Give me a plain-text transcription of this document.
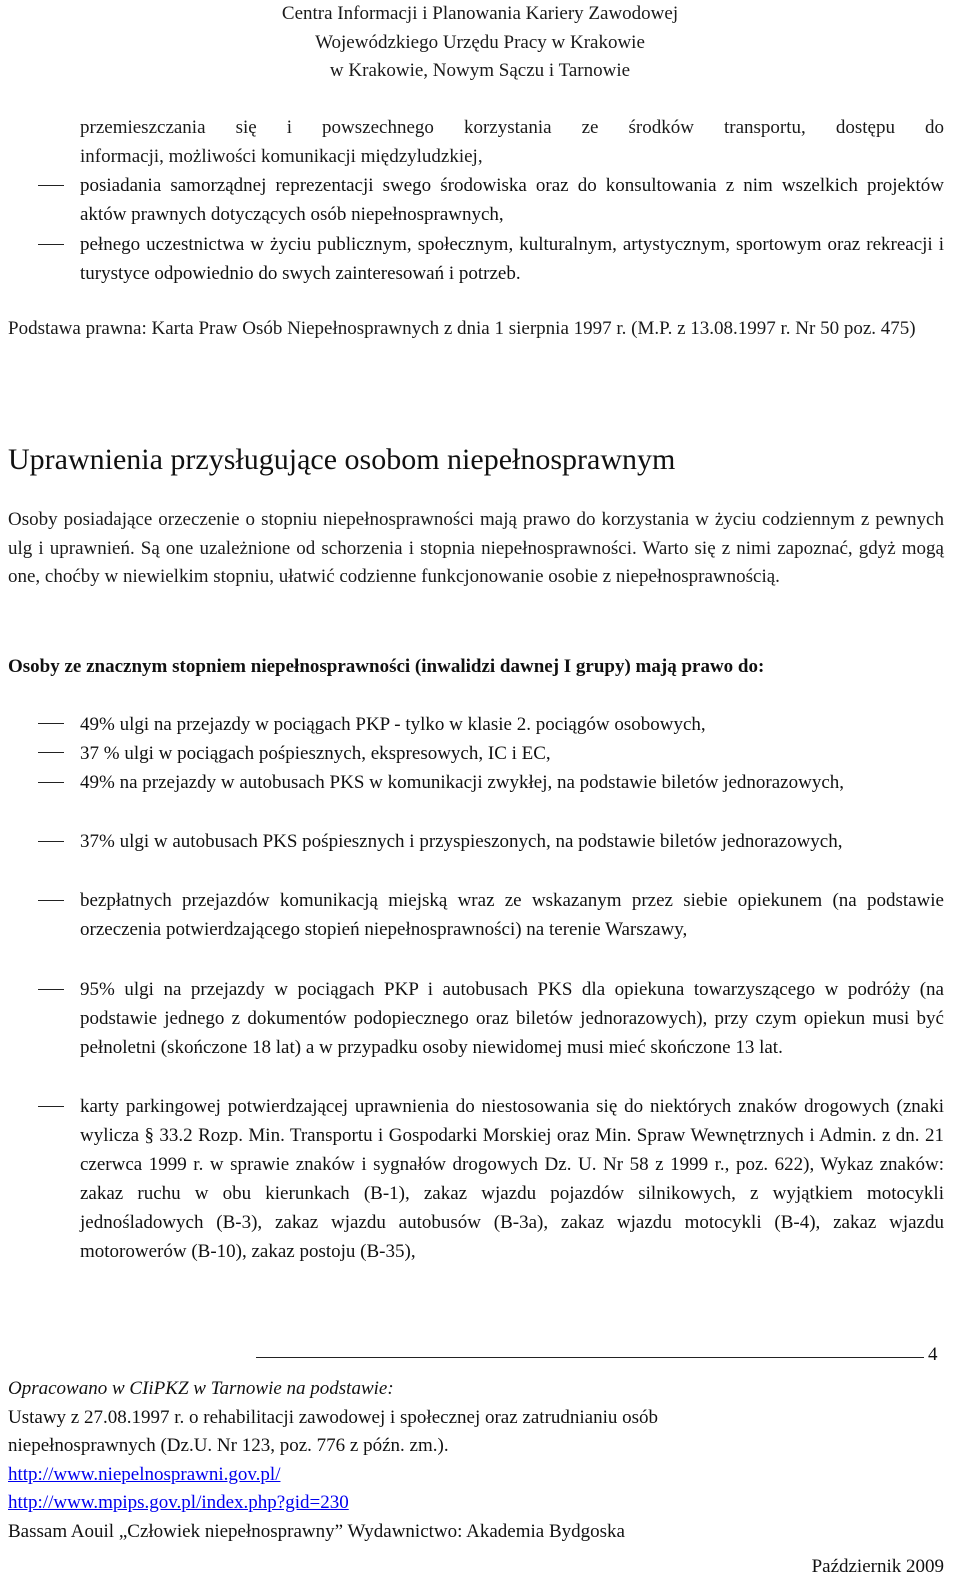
Centra Informacji i Planowania Kariery Zawodowej
Wojewódzkiego Urzędu Pracy w Krakowie
w Krakowie, Nowym Sączu i Tarnowie
przemieszczania się i powszechnego korzystania ze środków transportu, dostępu do
informacji, możliwości komunikacji międzyludzkiej,
posiadania samorządnej reprezentacji swego środowiska oraz do konsultowania z nim wszelkich projektów aktów prawnych dotyczących osób niepełnosprawnych,
pełnego uczestnictwa w życiu publicznym, społecznym, kulturalnym, artystycznym, sportowym oraz rekreacji i turystyce odpowiednio do swych zainteresowań i potrzeb.
Podstawa prawna: Karta Praw Osób Niepełnosprawnych z dnia 1 sierpnia 1997 r. (M.P. z 13.08.1997 r. Nr 50 poz. 475)
Uprawnienia przysługujące osobom niepełnosprawnym
Osoby posiadające orzeczenie o stopniu niepełnosprawności mają prawo do korzystania w życiu codziennym z pewnych ulg i uprawnień. Są one uzależnione od schorzenia i stopnia niepełnosprawności. Warto się z nimi zapoznać, gdyż mogą one, choćby w niewielkim stopniu, ułatwić codzienne funkcjonowanie osobie z niepełnosprawnością.
Osoby ze znacznym stopniem niepełnosprawności (inwalidzi dawnej I grupy) mają prawo do:
49% ulgi na przejazdy w pociągach PKP - tylko w klasie 2. pociągów osobowych,
37 % ulgi w pociągach pośpiesznych, ekspresowych, IC i EC,
49% na przejazdy w autobusach PKS w komunikacji zwykłej, na podstawie biletów jednorazowych,
37% ulgi w autobusach PKS pośpiesznych i przyspieszonych, na podstawie biletów jednorazowych,
bezpłatnych przejazdów komunikacją miejską wraz ze wskazanym przez siebie opiekunem (na podstawie orzeczenia potwierdzającego stopień niepełnosprawności) na terenie Warszawy,
95% ulgi na przejazdy w pociągach PKP i autobusach PKS dla opiekuna towarzyszącego w podróży (na podstawie jednego z dokumentów podopiecznego oraz biletów jednorazowych), przy czym opiekun musi być pełnoletni (skończone 18 lat) a w przypadku osoby niewidomej musi mieć skończone 13 lat.
karty parkingowej potwierdzającej uprawnienia do niestosowania się do niektórych znaków drogowych (znaki wylicza § 33.2 Rozp. Min. Transportu i Gospodarki Morskiej oraz Min. Spraw Wewnętrznych i Admin. z dn. 21 czerwca 1999 r. w sprawie znaków i sygnałów drogowych Dz. U. Nr 58 z 1999 r., poz. 622), Wykaz znaków: zakaz ruchu w obu kierunkach (B-1), zakaz wjazdu pojazdów silnikowych, z wyjątkiem motocykli jednośladowych (B-3), zakaz wjazdu autobusów (B-3a), zakaz wjazdu motocykli (B-4), zakaz wjazdu motorowerów (B-10), zakaz postoju (B-35),
4
Opracowano w CIiPKZ w Tarnowie na podstawie:
Ustawy z 27.08.1997 r. o rehabilitacji zawodowej i społecznej oraz zatrudnianiu osób
niepełnosprawnych (Dz.U. Nr 123, poz. 776 z późn. zm.).
http://www.niepelnosprawni.gov.pl/
http://www.mpips.gov.pl/index.php?gid=230
Bassam Aouil „Człowiek niepełnosprawny” Wydawnictwo: Akademia Bydgoska
Październik 2009
